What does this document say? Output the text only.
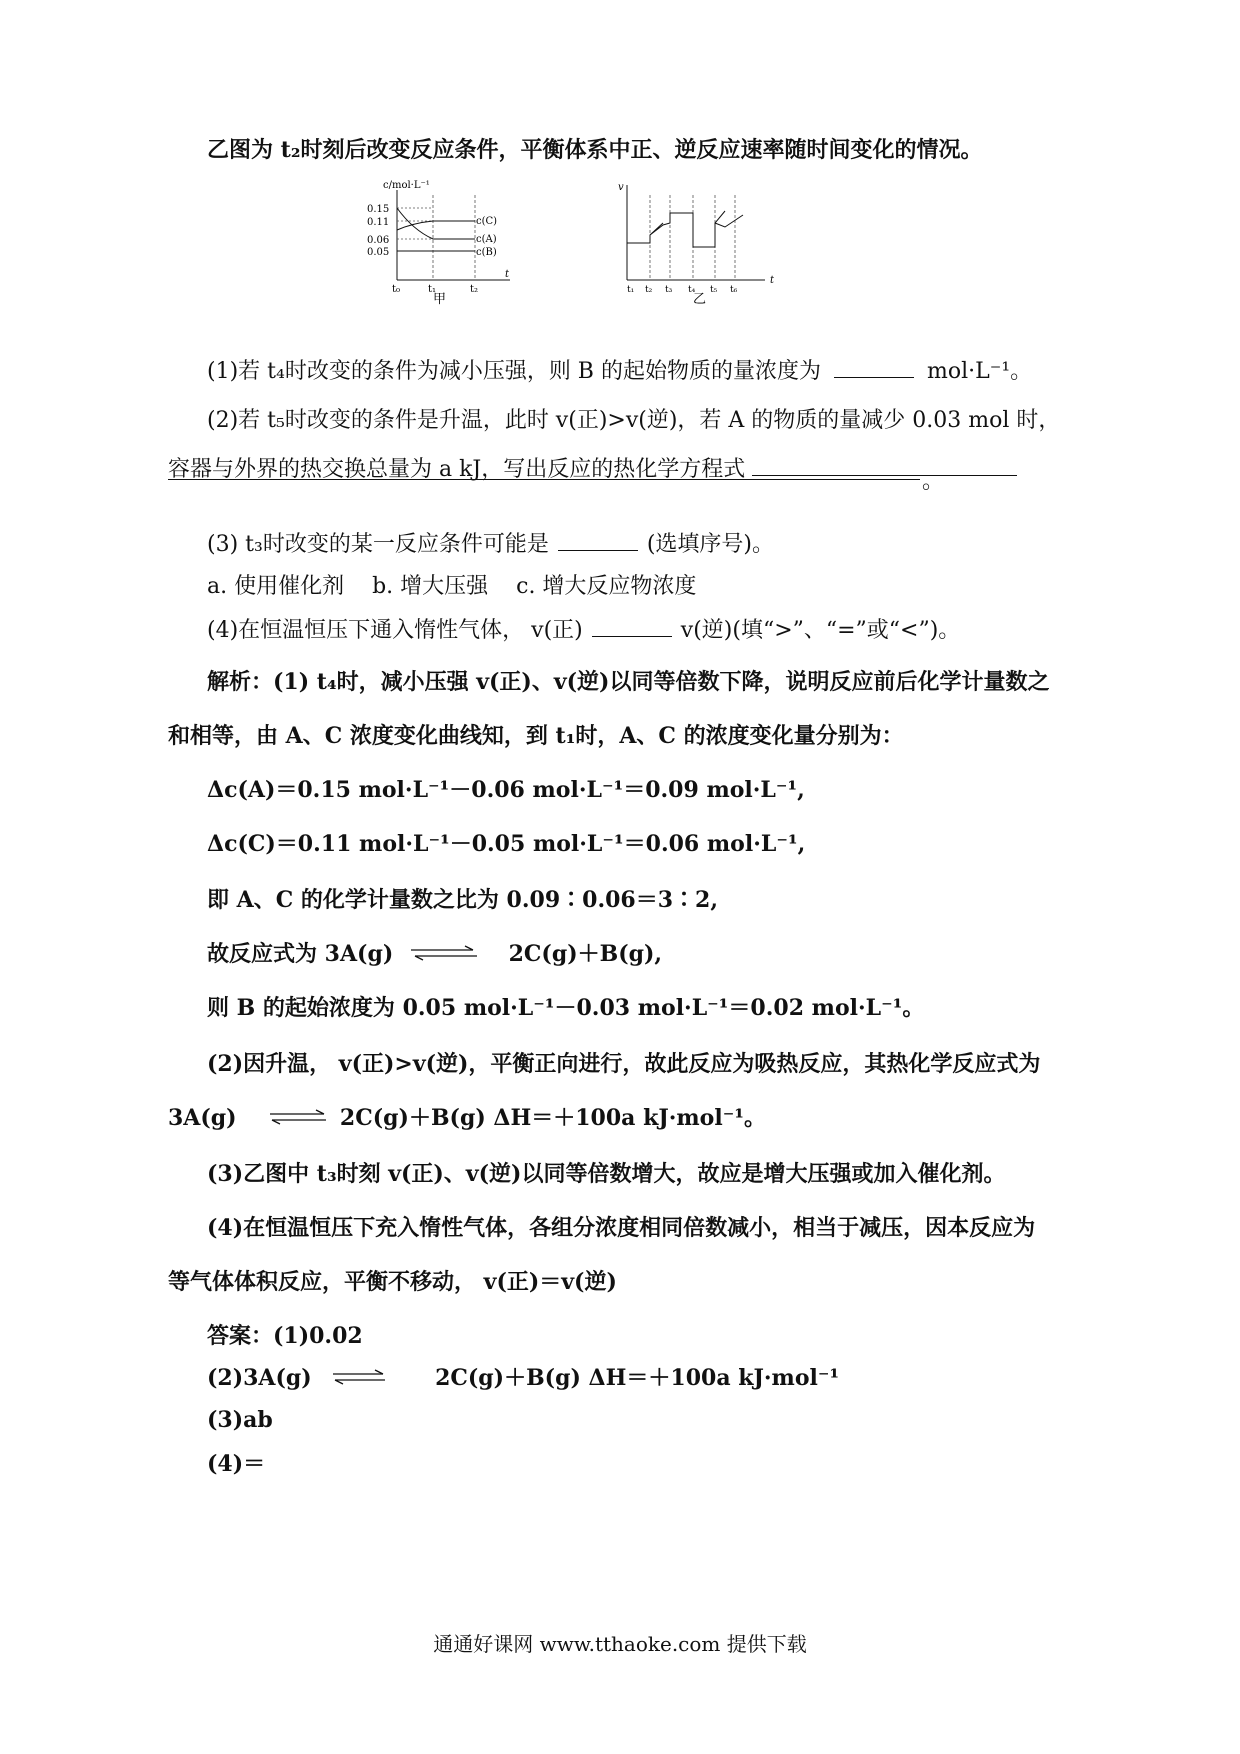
乙图为 t₂时刻后改变反应条件，平衡体系中正、逆反应速率随时间变化的情况。
c/mol·L⁻¹
0.15
0.11
0.06
0.05
c(C)
c(A)
c(B)
t₀	t₁	t₂
t
甲
v
t₁ t₂ t₃ t₄ t₅ t₆
t
乙
(1)若 t₄时改变的条件为减小压强，则 B 的起始物质的量浓度为	mol·L⁻¹。
(2)若 t₅时改变的条件是升温，此时 v(正)>v(逆)，若 A 的物质的量减少 0.03 mol 时，
容器与外界的热交换总量为 a kJ，写出反应的热化学方程式	。
(3) t₃时改变的某一反应条件可能是	(选填序号)。
a. 使用催化剂    b. 增大压强    c. 增大反应物浓度
(4)在恒温恒压下通入惰性气体， v(正)	v(逆)(填“>”、“=”或“<”)。
解析：(1) t₄时，减小压强 v(正)、v(逆)以同等倍数下降，说明反应前后化学计量数之
和相等，由 A、C 浓度变化曲线知，到 t₁时，A、C 的浓度变化量分别为：
Δc(A)＝0.15 mol·L⁻¹－0.06 mol·L⁻¹＝0.09 mol·L⁻¹,
Δc(C)＝0.11 mol·L⁻¹－0.05 mol·L⁻¹＝0.06 mol·L⁻¹,
即 A、C 的化学计量数之比为 0.09∶0.06＝3∶2,
故反应式为 3A(g) ⇌ 2C(g)＋B(g),
则 B 的起始浓度为 0.05 mol·L⁻¹－0.03 mol·L⁻¹＝0.02 mol·L⁻¹。
(2)因升温， v(正)>v(逆)，平衡正向进行，故此反应为吸热反应，其热化学反应式为
3A(g) ⇌ 2C(g)＋B(g) ΔH＝＋100a kJ·mol⁻¹。
(3)乙图中 t₃时刻 v(正)、v(逆)以同等倍数增大，故应是增大压强或加入催化剂。
(4)在恒温恒压下充入惰性气体，各组分浓度相同倍数减小，相当于减压，因本反应为
等气体体积反应，平衡不移动， v(正)＝v(逆)
答案：(1)0.02
(2)3A(g) ⇌ 2C(g)＋B(g) ΔH＝＋100a kJ·mol⁻¹
(3)ab
(4)＝
通通好课网 www.tthaoke.com 提供下载
